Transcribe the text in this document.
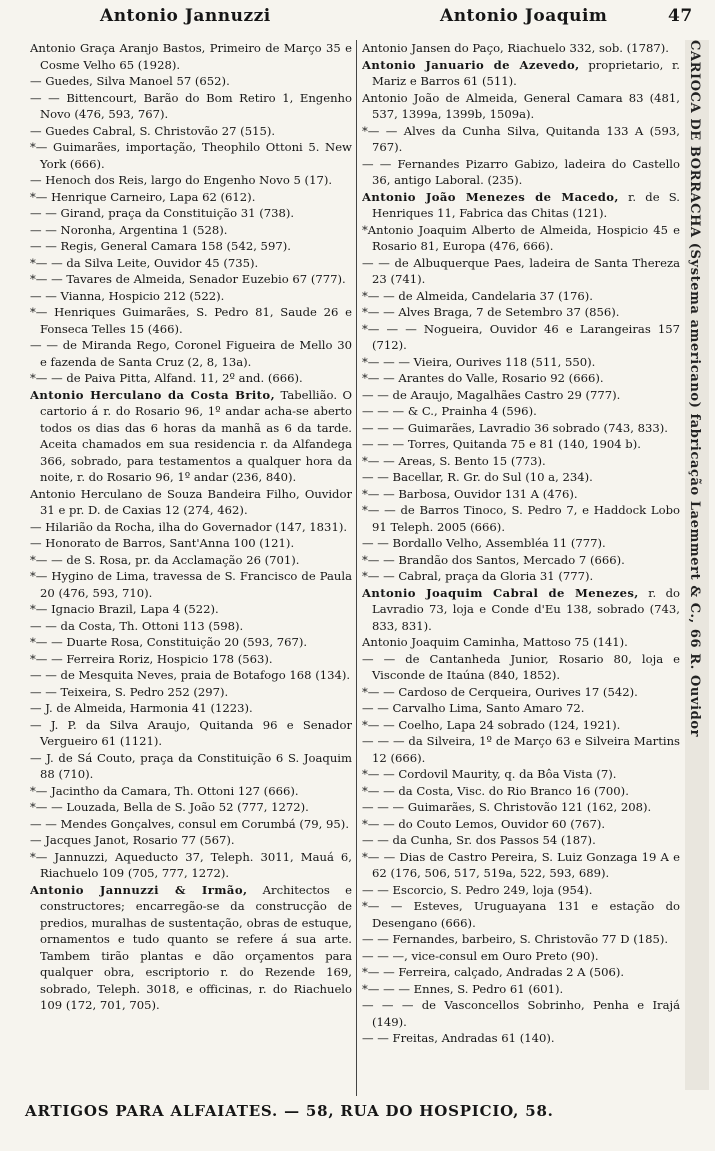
Antonio Jannuzzi	Antonio Joaquim	47

Antonio Graça Aranjo Bastos, Primeiro de Março 35 e Cosme Velho 65 (1928).

— Guedes, Silva Manoel 57 (652).

— — Bittencourt, Barão do Bom Retiro 1, Engenho Novo (476, 593, 767).

— Guedes Cabral, S. Christovão 27 (515).

*— Guimarães, importação, Theophilo Ottoni 5. New York (666).

— Henoch dos Reis, largo do Engenho Novo 5 (17).

*— Henrique Carneiro, Lapa 62 (612).

— — Girand, praça da Constituição 31 (738).

— — Noronha, Argentina 1 (528).

— — Regis, General Camara 158 (542, 597).

*— — da Silva Leite, Ouvidor 45 (735).

*— — Tavares de Almeida, Senador Euzebio 67 (777).

— — Vianna, Hospicio 212 (522).

*— Henriques Guimarães, S. Pedro 81, Saude 26 e Fonseca Telles 15 (466).

— — de Miranda Rego, Coronel Figueira de Mello 30 e fazenda de Santa Cruz (2, 8, 13a).

*— — de Paiva Pitta, Alfand. 11, 2º and. (666).

Antonio Herculano da Costa Brito, Tabellião. O cartorio á r. do Rosario 96, 1º andar acha-se aberto todos os dias das 6 horas da manhã as 6 da tarde. Aceita chamados em sua residencia r. da Alfandega 366, sobrado, para testamentos a qualquer hora da noite, r. do Rosario 96, 1º andar (236, 840).

Antonio Herculano de Souza Bandeira Filho, Ouvidor 31 e pr. D. de Caxias 12 (274, 462).

— Hilarião da Rocha, ilha do Governador (147, 1831).

— Honorato de Barros, Sant'Anna 100 (121).

*— — de S. Rosa, pr. da Acclamação 26 (701).

*— Hygino de Lima, travessa de S. Francisco de Paula 20 (476, 593, 710).

*— Ignacio Brazil, Lapa 4 (522).

— — da Costa, Th. Ottoni 113 (598).

*— — Duarte Rosa, Constituição 20 (593, 767).

*— — Ferreira Roriz, Hospicio 178 (563).

— — de Mesquita Neves, praia de Botafogo 168 (134).

— — Teixeira, S. Pedro 252 (297).

— J. de Almeida, Harmonia 41 (1223).

— J. P. da Silva Araujo, Quitanda 96 e Senador Vergueiro 61 (1121).

— J. de Sá Couto, praça da Constituição 6 S. Joaquim 88 (710).

*— Jacintho da Camara, Th. Ottoni 127 (666).

*— — Louzada, Bella de S. João 52 (777, 1272).

— — Mendes Gonçalves, consul em Corumbá (79, 95).

— Jacques Janot, Rosario 77 (567).

*— Jannuzzi, Aqueducto 37, Teleph. 3011, Mauá 6, Riachuelo 109 (705, 777, 1272).

Antonio Jannuzzi & Irmão, Architectos e constructores; encarregão-se da construcção de predios, muralhas de sustentação, obras de estuque, ornamentos e tudo quanto se refere á sua arte. Tambem tirão plantas e dão orçamentos para qualquer obra, escriptorio r. do Rezende 169, sobrado, Teleph. 3018, e officinas, r. do Riachuelo 109 (172, 701, 705).

Antonio Jansen do Paço, Riachuelo 332, sob. (1787).

Antonio Januario de Azevedo, proprietario, r. Mariz e Barros 61 (511).

Antonio João de Almeida, General Camara 83 (481, 537, 1399a, 1399b, 1509a).

*— — Alves da Cunha Silva, Quitanda 133 A (593, 767).

— — Fernandes Pizarro Gabizo, ladeira do Castello 36, antigo Laboral. (235).

Antonio João Menezes de Macedo, r. de S. Henriques 11, Fabrica das Chitas (121).

*Antonio Joaquim Alberto de Almeida, Hospicio 45 e Rosario 81, Europa (476, 666).

— — de Albuquerque Paes, ladeira de Santa Thereza 23 (741).

*— — de Almeida, Candelaria 37 (176).

*— — Alves Braga, 7 de Setembro 37 (856).

*— — — Nogueira, Ouvidor 46 e Larangeiras 157 (712).

*— — — Vieira, Ourives 118 (511, 550).

*— — Arantes do Valle, Rosario 92 (666).

— — de Araujo, Magalhães Castro 29 (777).

— — — & C., Prainha 4 (596).

— — — Guimarães, Lavradio 36 sobrado (743, 833).

— — — Torres, Quitanda 75 e 81 (140, 1904 b).

*— — Areas, S. Bento 15 (773).

— — Bacellar, R. Gr. do Sul (10 a, 234).

*— — Barbosa, Ouvidor 131 A (476).

*— — de Barros Tinoco, S. Pedro 7, e Haddock Lobo 91 Teleph. 2005 (666).

— — Bordallo Velho, Assembléa 11 (777).

*— — Brandão dos Santos, Mercado 7 (666).

*— — Cabral, praça da Gloria 31 (777).

Antonio Joaquim Cabral de Menezes, r. do Lavradio 73, loja e Conde d'Eu 138, sobrado (743, 833, 831).

Antonio Joaquim Caminha, Mattoso 75 (141).

— — de Cantanheda Junior, Rosario 80, loja e Visconde de Itaúna (840, 1852).

*— — Cardoso de Cerqueira, Ourives 17 (542).

— — Carvalho Lima, Santo Amaro 72.

*— — Coelho, Lapa 24 sobrado (124, 1921).

— — — da Silveira, 1º de Março 63 e Silveira Martins 12 (666).

*— — Cordovil Maurity, q. da Bôa Vista (7).

*— — da Costa, Visc. do Rio Branco 16 (700).

— — — Guimarães, S. Christovão 121 (162, 208).

*— — do Couto Lemos, Ouvidor 60 (767).

— — da Cunha, Sr. dos Passos 54 (187).

*— — Dias de Castro Pereira, S. Luiz Gonzaga 19 A e 62 (176, 506, 517, 519a, 522, 593, 689).

— — Escorcio, S. Pedro 249, loja (954).

*— — Esteves, Uruguayana 131 e estação do Desengano (666).

— — Fernandes, barbeiro, S. Christovão 77 D (185).

— — —, vice-consul em Ouro Preto (90).

*— — Ferreira, calçado, Andradas 2 A (506).

*— — — Ennes, S. Pedro 61 (601).

— — — de Vasconcellos Sobrinho, Penha e Irajá (149).

— — Freitas, Andradas 61 (140).

CARIOCA DE BORRACHA (Systema americano) fabricação Laemmert & C., 66 R. Ouvidor
ARTIGOS PARA ALFAIATES. — 58, RUA DO HOSPICIO, 58.
